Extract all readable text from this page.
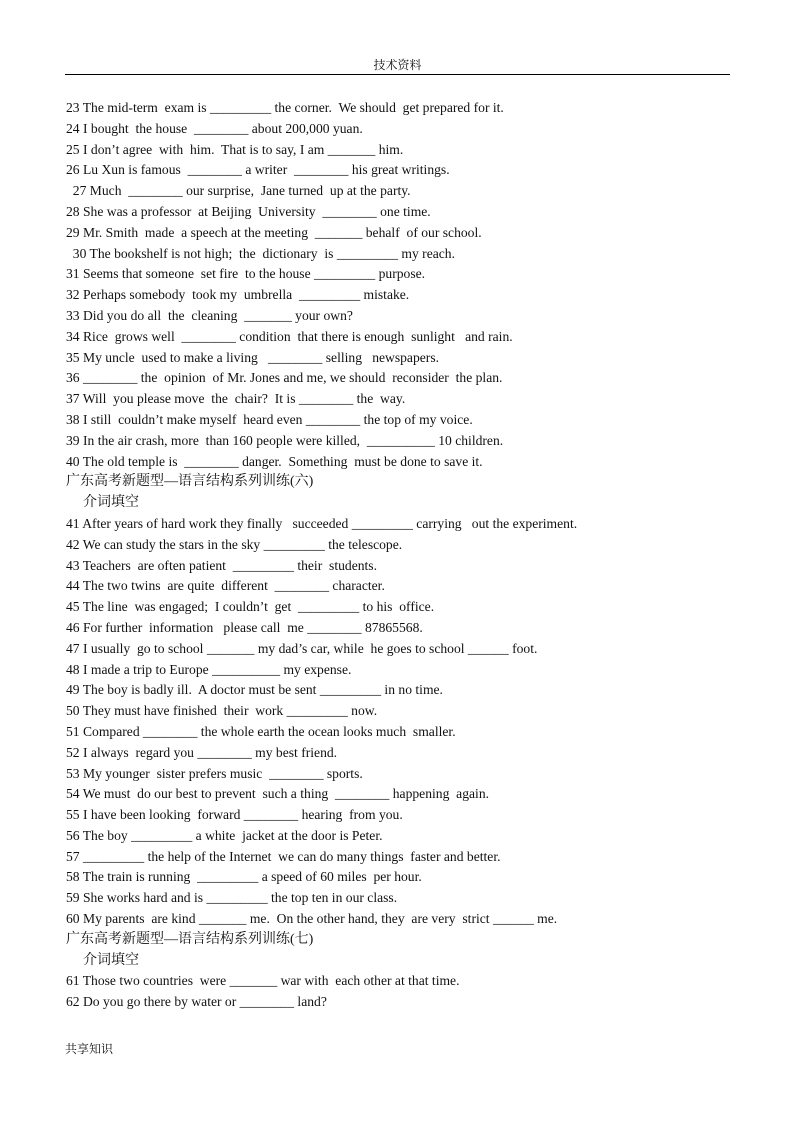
技术资料
23 The mid-term  exam is _________ the corner.  We should  get prepared for it.
24 I bought  the house  ________ about 200,000 yuan.
25 I don’t agree  with  him.  That is to say, I am _______ him.
26 Lu Xun is famous  ________ a writer  ________ his great writings.
27 Much  ________ our surprise,  Jane turned  up at the party.
28 She was a professor  at Beijing  University  ________ one time.
29 Mr. Smith  made  a speech at the meeting  _______ behalf  of our school.
30 The bookshelf is not high;  the  dictionary  is _________ my reach.
31 Seems that someone  set fire  to the house _________ purpose.
32 Perhaps somebody  took my  umbrella  _________ mistake.
33 Did you do all  the  cleaning  _______ your own?
34 Rice  grows well  ________ condition  that there is enough  sunlight   and rain.
35 My uncle  used to make a living   ________ selling   newspapers.
36 ________ the  opinion  of Mr. Jones and me, we should  reconsider  the plan.
37 Will  you please move  the  chair?  It is ________ the  way.
38 I still  couldn’t make myself  heard even ________ the top of my voice.
39 In the air crash, more  than 160 people were killed,  __________ 10 children.
40 The old temple is  ________ danger.  Something  must be done to save it.
广东高考新题型—语言结构系列训练(六)
介词填空
41 After years of hard work they finally   succeeded _________ carrying   out the experiment.
42 We can study the stars in the sky _________ the telescope.
43 Teachers  are often patient  _________ their  students.
44 The two twins  are quite  different  ________ character.
45 The line  was engaged;  I couldn’t  get  _________ to his  office.
46 For further  information   please call  me ________ 87865568.
47 I usually  go to school _______ my dad’s car, while  he goes to school ______ foot.
48 I made a trip to Europe __________ my expense.
49 The boy is badly ill.  A doctor must be sent _________ in no time.
50 They must have finished  their  work _________ now.
51 Compared ________ the whole earth the ocean looks much  smaller.
52 I always  regard you ________ my best friend.
53 My younger  sister prefers music  ________ sports.
54 We must  do our best to prevent  such a thing  ________ happening  again.
55 I have been looking  forward ________ hearing  from you.
56 The boy _________ a white  jacket at the door is Peter.
57 _________ the help of the Internet  we can do many things  faster and better.
58 The train is running  _________ a speed of 60 miles  per hour.
59 She works hard and is _________ the top ten in our class.
60 My parents  are kind _______ me.  On the other hand, they  are very  strict ______ me.
广东高考新题型—语言结构系列训练(七)
介词填空
61 Those two countries  were _______ war with  each other at that time.
62 Do you go there by water or ________ land?
共享知识
